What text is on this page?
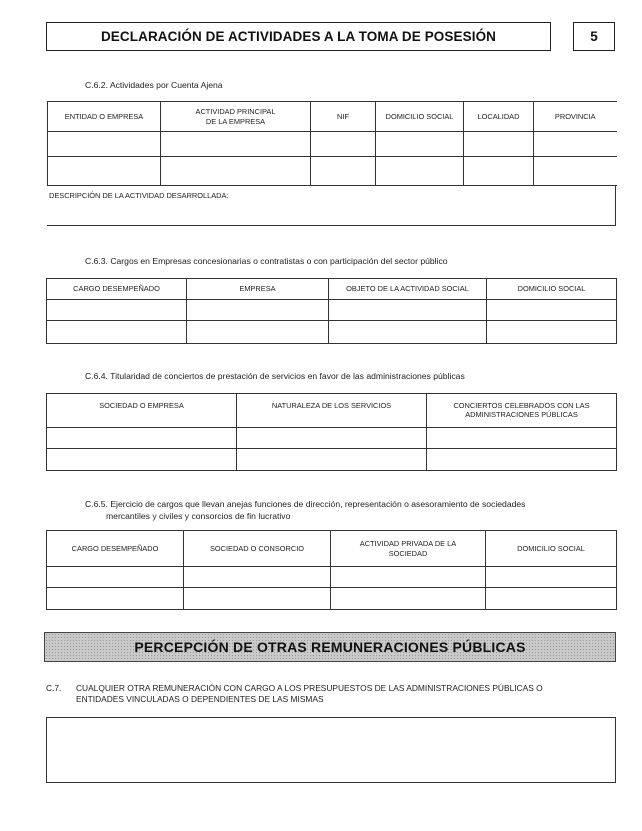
DECLARACIÓN DE ACTIVIDADES A LA TOMA DE POSESIÓN	5
C.6.2. Actividades por Cuenta Ajena
ENTIDAD O EMPRESA	ACTIVIDAD PRINCIPAL
DE LA EMPRESA	NIF	DOMICILIO SOCIAL	LOCALIDAD	PROVINCIA

DESCRIPCIÓN DE LA ACTIVIDAD DESARROLLADA:
C.6.3. Cargos en Empresas concesionarias o contratistas o con participación del sector público
CARGO DESEMPEÑADO	EMPRESA	OBJETO DE LA ACTIVIDAD SOCIAL	DOMICILIO SOCIAL

C.6.4. Titularidad de conciertos de prestación de servicios en favor de las administraciones públicas
SOCIEDAD O EMPRESA	NATURALEZA DE LOS SERVICIOS	CONCIERTOS CELEBRADOS CON LAS
ADMINISTRACIONES PÚBLICAS

C.6.5. Ejercicio de cargos que llevan anejas funciones de dirección, representación o asesoramiento de sociedades
mercantiles y civiles y consorcios de fin lucrativo
CARGO DESEMPEÑADO	SOCIEDAD O CONSORCIO	ACTIVIDAD PRIVADA DE LA
SOCIEDAD	DOMICILIO SOCIAL

PERCEPCIÓN DE OTRAS REMUNERACIONES PÚBLICAS
C.7. CUALQUIER OTRA REMUNERACIÓN CON CARGO A LOS PRESUPUESTOS DE LAS ADMINISTRACIONES PÚBLICAS O
ENTIDADES VINCULADAS O DEPENDIENTES DE LAS MISMAS
